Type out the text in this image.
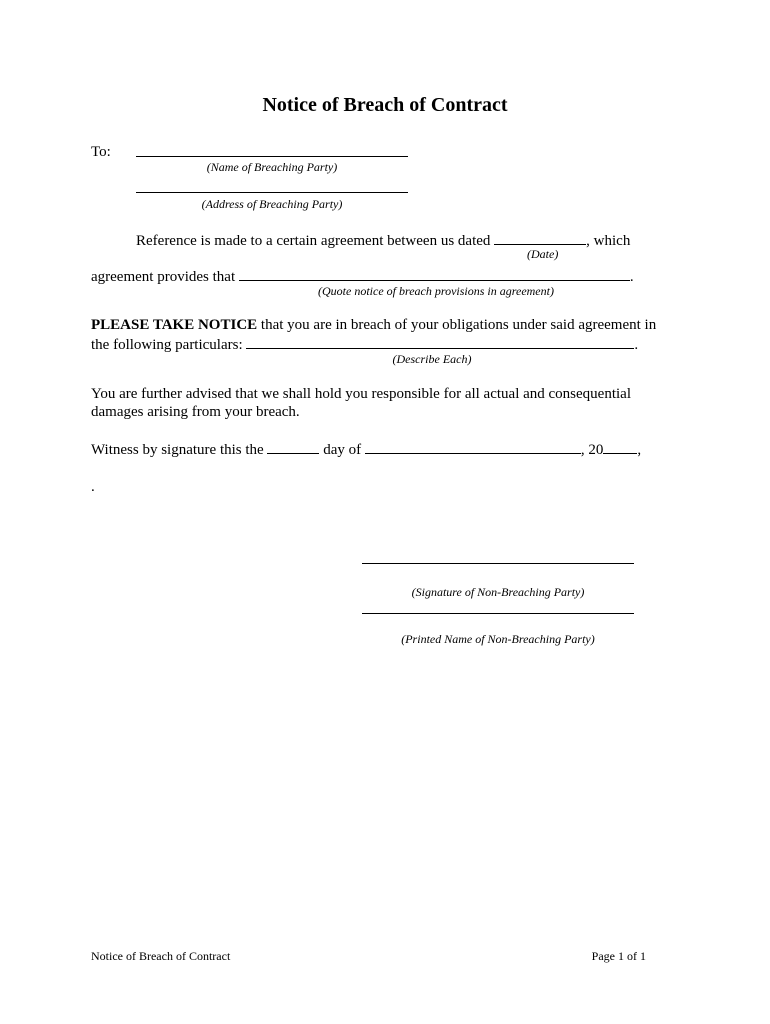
Notice of Breach of Contract
To:
(Name of Breaching Party)
(Address of Breaching Party)
Reference is made to a certain agreement between us dated	, which
(Date)
agreement provides that	.
(Quote notice of breach provisions in agreement)
PLEASE TAKE NOTICE that you are in breach of your obligations under said agreement in
the following particulars:	.
(Describe Each)
You are further advised that we shall hold you responsible for all actual and consequential
damages arising from your breach.
Witness by signature this the	day of	, 20 ,
.
(Signature of Non-Breaching Party)
(Printed Name of Non-Breaching Party)
Notice of Breach of Contract	Page 1 of 1
